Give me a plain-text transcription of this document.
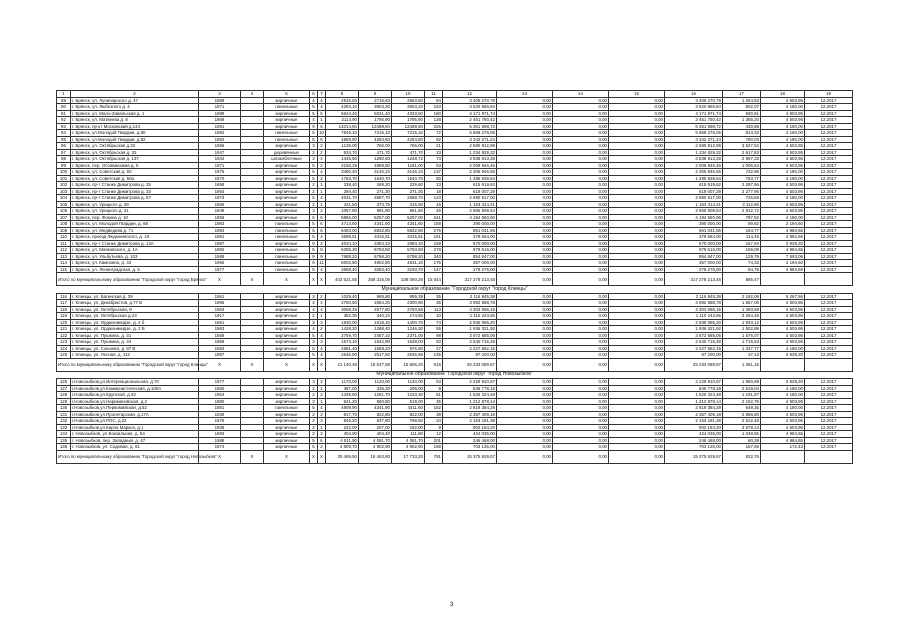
1	2	3	4	5	6	7	8	9	10	11	12	13	14	15	16	17	18	19
89	г. Брянск, ул. Луначарского д. 47	1959		кирпичные	4	4	2915,93	2716,63	2683,60	94	3 409 270,78	0,00	0,00	0,00	3 409 270,78	1 254,83	4 503,95	12.2017
90	г. Брянск, ул. Любезного д. 4	1971		панельные	5	4	4284,10	3903,20	3903,20	163	3 520 956,84	0,00	0,00	0,00	3 520 956,84	902,07	4 180,00	12.2017
91	г. Брянск, ул. Мало-Завальская д. 1	1989		кирпичные	5	6	5624,40	5021,40	4333,50	180	4 171 971,74	0,00	0,00	0,00	4 171 971,74	830,81	4 503,95	12.2017
92	г. Брянск, ул. Матвеева д. 8	1968		кирпичные	4	1	2114,90	1795,90	1795,90	128	2 451 750,42	0,00	0,00	0,00	2 451 750,42	1 365,20	4 503,95	12.2017
93	г. Брянск, пр-кт Московский д.144	1991		кирпичные	9	6	14314,50	12498,50	12498,50	226	5 361 698,72	0,00	0,00	0,00	5 361 698,72	430,88	4 180,00	12.2017
94	г. Брянск, ул.Молодой Гвардии, д.80	1982		панельные	5	10	7849,10	7215,10	7215,10	72	5 868 278,05	0,00	0,00	0,00	5 868 278,05	813,33	4 180,00	12.2017
95	г. Брянск, ул.Молодой Гвардии, д.82	1982		панельные	5	6	4869,80	4284,80	4284,80	92	3 342 271,24	0,00	0,00	0,00	3 342 271,24	780,03	4 180,00	12.2017
96	г. Брянск, ул. Октябрьская д.32	1956		кирпичные	3	2	1136,00	766,00	766,00	21	2 680 912,99	0,00	0,00	0,00	2 680 912,99	3 527,52	4 503,95	12.2017
97	г. Брянск, ул. Октябрьская д. 33	1947		деревянные	2	2	534,70	471,70	471,70	23	1 234 829,32	0,00	0,00	0,00	1 234 829,32	2 617,83	4 503,95	12.2017
98	г. Брянск, ул. Октябрьская д. 137	1934		шлакоблочные	3	4	1445,60	1280,60	1248,72	73	3 838 913,28	0,00	0,00	0,00	3 838 913,28	2 997,33	4 503,95	12.2017
99	г. Брянск, пер. Осоавиахима д. 5	1971		кирпичные	5	2	2156,29	1999,50	1181,00	53	2 009 946,46	0,00	0,00	0,00	2 009 946,46	1 005,63	4 503,95	12.2017
100	г. Брянск, ул. Советская д. 50	1975		кирпичные	5	4	3490,40	3146,10	3146,10	137	2 305 946,56	0,00	0,00	0,00	2 305 946,56	732,96	4 180,00	12.2017
101	г. Брянск, ул. Советская д. 50а	1970		кирпичные	5	2	1763,70	1640,70	1640,70	80	1 285 938,64	0,00	0,00	0,00	1 285 938,64	783,77	4 180,00	12.2017
102	г. Брянск, пр-т Станке Димитрова д. 25	1958		кирпичные	2	1	338,40	269,20	229,60	13	615 919,62	0,00	0,00	0,00	615 919,62	2 287,96	4 503,95	12.2017
103	г. Брянск, пр-т Станке Димитрова д. 33	1954		кирпичные	2	1	294,40	271,30	271,30	18	618 007,29	0,00	0,00	0,00	618 007,29	2 277,95	4 503,95	12.2017
104	г. Брянск, пр-т Станке Димитрова д. 57	1973		кирпичные	5	4	4031,70	2687,70	2588,70	123	2 690 517,00	0,00	0,00	0,00	2 690 517,00	725,59	4 180,00	12.2017
105	г. Брянск, ул. Урицкого д. 29	1966		кирпичные	2	1	421,50	373,76	315,50	16	1 163 314,41	0,00	0,00	0,00	1 163 314,41	3 112,86	4 503,95	12.2017
106	г. Брянск, ул. Урицкого д. 31	1949		кирпичные	3	2	1067,80	991,90	961,60	46	2 866 508,54	0,00	0,00	0,00	2 866 508,54	2 912,72	4 503,95	12.2017
107	г. Брянск, пер. Фокина д. 10	1956		кирпичные	6	6	5866,00	5257,00	5257,00	241	4 194 560,96	0,00	0,00	0,00	4 194 560,96	797,92	4 180,00	12.2017
108	г. Брянск, ул. Молодой Гвардии, д. 68	1983		панельные	5	6	4713,60	4341,60	4341,60	159	390 000,00	0,00	0,00	0,00	390 000,00	89,82	2 194,60	12.2017
109	г. Брянск, ул. Медведева д. 71	1984		панельные	5	6	6493,00	5832,80	5832,80	276	961 041,56	0,00	0,00	0,00	961 041,56	164,77	4 984,65	12.2017
110	г. Брянск, проезд Федюнинского, д. 19	1981		панельные	5	4	3698,51	3315,51	3315,51	151	379 684,00	0,00	0,00	0,00	379 684,00	114,45	4 984,65	12.2017
111	г. Брянск, пр-т Станке Димитрова д. 13А	1997		кирпичные	9	2	4034,10	3394,10	3394,10	158	570 000,00	0,00	0,00	0,00	570 000,00	167,94	3 929,20	12.2017
112	г. Брянск, ул. Маяковского, д. 1А	1992		панельные	5	8	6305,30	5793,50	5793,50	278	979 616,00	0,00	0,00	0,00	979 616,00	169,09	4 984,65	12.2017
113	г. Брянск, ул. Ульбутьева, д. 103	1988		панельные	9	9	7688,20	6798,20	6798,20	340	854 847,00	0,00	0,00	0,00	854 847,00	125,76	7 593,06	12.2017
114	г. Брянск, ул. Камозина, д. 43	1996		панельные	9	11	6002,60	4902,60	4631,10	175	357 000,00	0,00	0,00	0,00	357 000,00	74,33	2 194,60	12.2017
115	г. Брянск, ул. Ленинградская, д. 5	1977		панельные	5	4	3558,40	3283,40	3193,70	147	278 275,00	0,00	0,00	0,00	278 275,00	84,75	4 984,65	12.2017
Итого по муниципальному образованию "Городской округ "город Брянск"		X	X	X	X	X	402 521,55	358 316,05	338 060,26	15 044	317 278 213,48	0,00	0,00	0,00	317 278 213,48	885,47		
Муниципальное образование "Городской округ "город Клинцы"																		
116	г. Клинцы, ул. Багинская д. 39	1961		кирпичные	3	2	1029,40	965,80	955,39	35	2 116 845,38	0,00	0,00	0,00	2 116 845,38	2 192,06	5 267,56	12.2017
117	г. Клинцы, ул. Декабристов, д.77 Б	1986		кирпичные	4	4	2760,60	2584,20	2300,90	35	3 992 588,78	0,00	0,00	0,00	3 992 588,78	1 557,06	4 503,95	12.2017
118	г. Клинцы, ул. Октябрьская, 8	1963		кирпичные	4	4	3058,45	2577,80	2793,56	113	4 303 096,15	0,00	0,00	0,00	4 303 096,15	1 393,58	4 503,95	12.2017
119	г. Клинцы, ул. Октябрьская д.23	1917		кирпичные	2	1	382,30	340,10	174,50	10	1 110 243,65	0,00	0,00	0,00	1 110 243,65	3 264,46	4 503,95	12.2017
120	г. Клинцы, ул. Орджоникидзе, д. 2 б	1961		кирпичные	3	3	1630,00	1518,10	1400,70	74	2 935 086,20	0,00	0,00	0,00	2 935 086,20	1 933,12	4 503,95	12.2017
121	г. Клинцы, ул. Орджоникидзе, д. 2 В	1963		кирпичные	4	2	1428,20	1288,40	1246,30	55	1 936 321,92	0,00	0,00	0,00	1 936 321,92	1 502,89	4 503,95	12.2017
122	г. Клинцы, ул. Пушкина, д. 31	1959		кирпичные	5	4	2759,70	2457,10	2371,00	98	3 872 685,06	0,00	0,00	0,00	3 872 685,06	1 576,07	4 503,95	12.2017
123	г. Клинцы, ул. Пушкина, д. 34	1958		кирпичные	3	3	1674,10	1542,90	1538,00	63	2 640 715,48	0,00	0,00	0,00	2 640 715,48	1 715,53	4 503,95	12.2017
124	г. Клинцы, ул. Союзная, д. 87 В	1983		кирпичные	5	4	2581,40	1668,20	976,80	27	2 227 652,15	0,00	0,00	0,00	2 227 652,15	1 337,77	4 180,00	12.2017
125	г. Клинцы, ул. Лесная, д. 112	1987		кирпичные	5	4	2646,90	2617,50	2536,65	135	97 200,00	0,00	0,00	0,00	97 200,00	37,13	3 929,20	12.2017
Итого по муниципальному образованию "Городской округ "город Клинцы"		X	X	X	X	X	21 140,48	18 537,98	15 806,20	915	25 233 089,57	0,00	0,00	0,00	25 233 089,57	1 361,16		
Муниципальное образование "Городской округ "город Новозыбков"																		
126	г.Новозыбков,ул.Интернациональная, д.70	1977		кирпичные	3	2	1170,00	1120,00	1120,00	53	2 229 910,67	0,00	0,00	0,00	2 229 910,67	1 990,99	3 929,20	12.2017
127	г.Новозыбков,ул.Коммунистическая, д.100А	1960		кирпичные	2	1	387,00	336,30	206,00	8	846 778,18	0,00	0,00	0,00	846 778,18	2 519,04	4 180,00	12.2017
128	г.Новозыбков,ул.Крупской, д.42	1954		кирпичные	2	2	1339,60	1281,70	1233,30	61	1 526 324,48	0,00	0,00	0,00	1 526 324,48	1 191,57	4 180,00	12.2017
129	г.Новозыбков,ул.Наримановская, д.2	1980		кирпичные	3	1	641,20	560,80	519,00	35	1 212 878,14	0,00	0,00	0,00	1 212 878,14	2 162,76	4 503,95	12.2017
130	г.Новозыбков,ул.Первомайская, д.52	1981		панельные	5	4	4909,90	4341,90	4311,60	182	2 819 384,29	0,00	0,00	0,00	2 819 384,29	649,35	4 180,00	12.2017
131	г.Новозыбков,ул.Пролетарская, д.17А	1939		кирпичные	2	2	917,70	822,80	822,00	38	2 357 409,18	0,00	0,00	0,00	2 357 409,18	2 866,80	4 503,95	12.2017
132	г.Новозыбков,ул.РОС, д.22	1979		кирпичные	2	3	845,20	837,80	768,50	34	2 153 181,38	0,00	0,00	0,00	2 153 181,38	2 512,48	4 503,95	12.2017
133	г.Новозыбков,ул.Карла Маркса, д.1	1938		кирпичные	2	1	222,00	207,00	182,00	9	902 184,20	0,00	0,00	0,00	902 184,20	3 679,14	4 503,95	12.2017
134	г. Новозыбков, ул Вокзальная, д. 54	1993		кирпичные	2	2	404,90	404,40	111,80	12	424 035,00	0,00	0,00	0,00	424 035,00	1 048,55	4 984,65	12.2017
135	г. Новозыбков, пер. Западный, д. 47	1988		кирпичные	5	6	4 911,90	4 081,70	4 081,70	201	246 468,00	0,00	0,00	0,00	246 468,00	60,38	4 984,65	12.2017
136	г. Новозыбков, ул. Садовая, д. 61	1974		кирпичные	5	2	4 809,70	4 902,90	4 902,90	188	703 126,00	0,00	0,00	0,00	703 126,00	167,69	172,43	12.2017
Итого по муниципальному образованию "Городской округ "город Новозыбков"		X	X	X	X	X	20 469,50	18 463,80	17 733,20	791	15 375 929,57	0,00	0,00	0,00	15 375 929,57	832,76		
3
